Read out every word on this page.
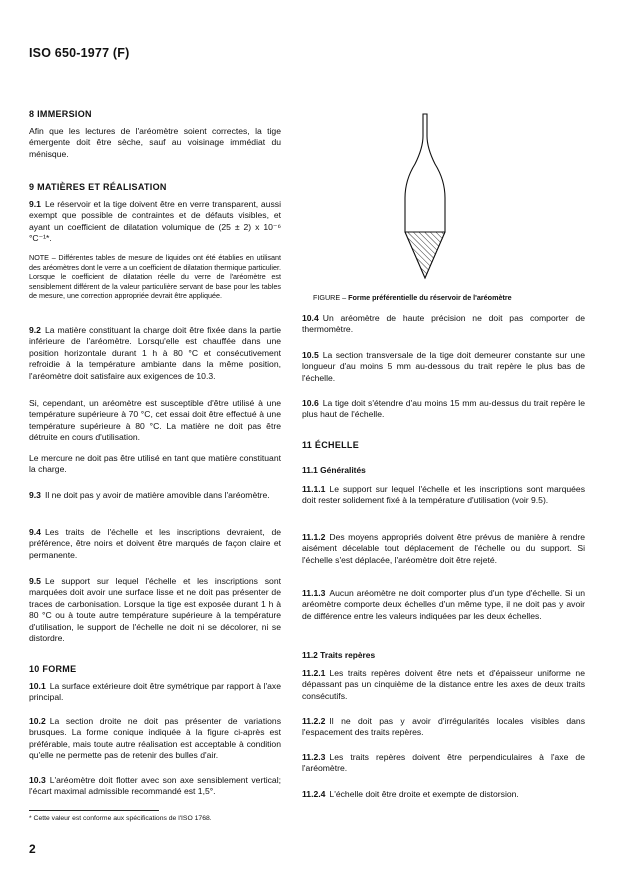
ISO 650-1977 (F)
8 IMMERSION
Afin que les lectures de l'aréomètre soient correctes, la tige émergente doit être sèche, sauf au voisinage immédiat du ménisque.
9 MATIÈRES ET RÉALISATION
9.1 Le réservoir et la tige doivent être en verre transparent, aussi exempt que possible de contraintes et de défauts visibles, et ayant un coefficient de dilatation volumique de (25 ± 2) x 10⁻⁶ °C⁻¹*.
NOTE – Différentes tables de mesure de liquides ont été établies en utilisant des aréomètres dont le verre a un coefficient de dilatation thermique particulier. Lorsque le coefficient de dilatation réelle du verre de l'aréomètre est sensiblement différent de la valeur particulière servant de base pour les tables de mesure, une correction appropriée devrait être appliquée.
9.2 La matière constituant la charge doit être fixée dans la partie inférieure de l'aréomètre. Lorsqu'elle est chauffée dans une position horizontale durant 1 h à 80 °C et consécutivement refroidie à la température ambiante dans la même position, l'aréomètre doit satisfaire aux exigences de 10.3.
Si, cependant, un aréomètre est susceptible d'être utilisé à une température supérieure à 70 °C, cet essai doit être effectué à une température supérieure à 80 °C. La matière ne doit pas être détruite en cours d'utilisation.
Le mercure ne doit pas être utilisé en tant que matière constituant la charge.
9.3 Il ne doit pas y avoir de matière amovible dans l'aréomètre.
9.4 Les traits de l'échelle et les inscriptions devraient, de préférence, être noirs et doivent être marqués de façon claire et permanente.
9.5 Le support sur lequel l'échelle et les inscriptions sont marquées doit avoir une surface lisse et ne doit pas présenter de traces de carbonisation. Lorsque la tige est exposée durant 1 h à 80 °C ou à toute autre température supérieure à la température d'utilisation, le support de l'échelle ne doit ni se décolorer, ni se distordre.
10 FORME
10.1 La surface extérieure doit être symétrique par rapport à l'axe principal.
10.2 La section droite ne doit pas présenter de variations brusques. La forme conique indiquée à la figure ci-après est préférable, mais toute autre réalisation est acceptable à condition qu'elle ne permette pas de retenir des bulles d'air.
10.3 L'aréomètre doit flotter avec son axe sensiblement vertical; l'écart maximal admissible recommandé est 1,5°.
FIGURE – Forme préférentielle du réservoir de l'aréomètre
10.4 Un aréomètre de haute précision ne doit pas comporter de thermomètre.
10.5 La section transversale de la tige doit demeurer constante sur une longueur d'au moins 5 mm au-dessous du trait repère le plus bas de l'échelle.
10.6 La tige doit s'étendre d'au moins 15 mm au-dessus du trait repère le plus haut de l'échelle.
11 ÉCHELLE
11.1 Généralités
11.1.1 Le support sur lequel l'échelle et les inscriptions sont marquées doit rester solidement fixé à la température d'utilisation (voir 9.5).
11.1.2 Des moyens appropriés doivent être prévus de manière à rendre aisément décelable tout déplacement de l'échelle ou du support. Si l'échelle s'est déplacée, l'aréomètre doit être rejeté.
11.1.3 Aucun aréomètre ne doit comporter plus d'un type d'échelle. Si un aréomètre comporte deux échelles d'un même type, il ne doit pas y avoir de différence entre les valeurs indiquées par les deux échelles.
11.2 Traits repères
11.2.1 Les traits repères doivent être nets et d'épaisseur uniforme ne dépassant pas un cinquième de la distance entre les axes de deux traits consécutifs.
11.2.2 Il ne doit pas y avoir d'irrégularités locales visibles dans l'espacement des traits repères.
11.2.3 Les traits repères doivent être perpendiculaires à l'axe de l'aréomètre.
11.2.4 L'échelle doit être droite et exempte de distorsion.
* Cette valeur est conforme aux spécifications de l'ISO 1768.
2
